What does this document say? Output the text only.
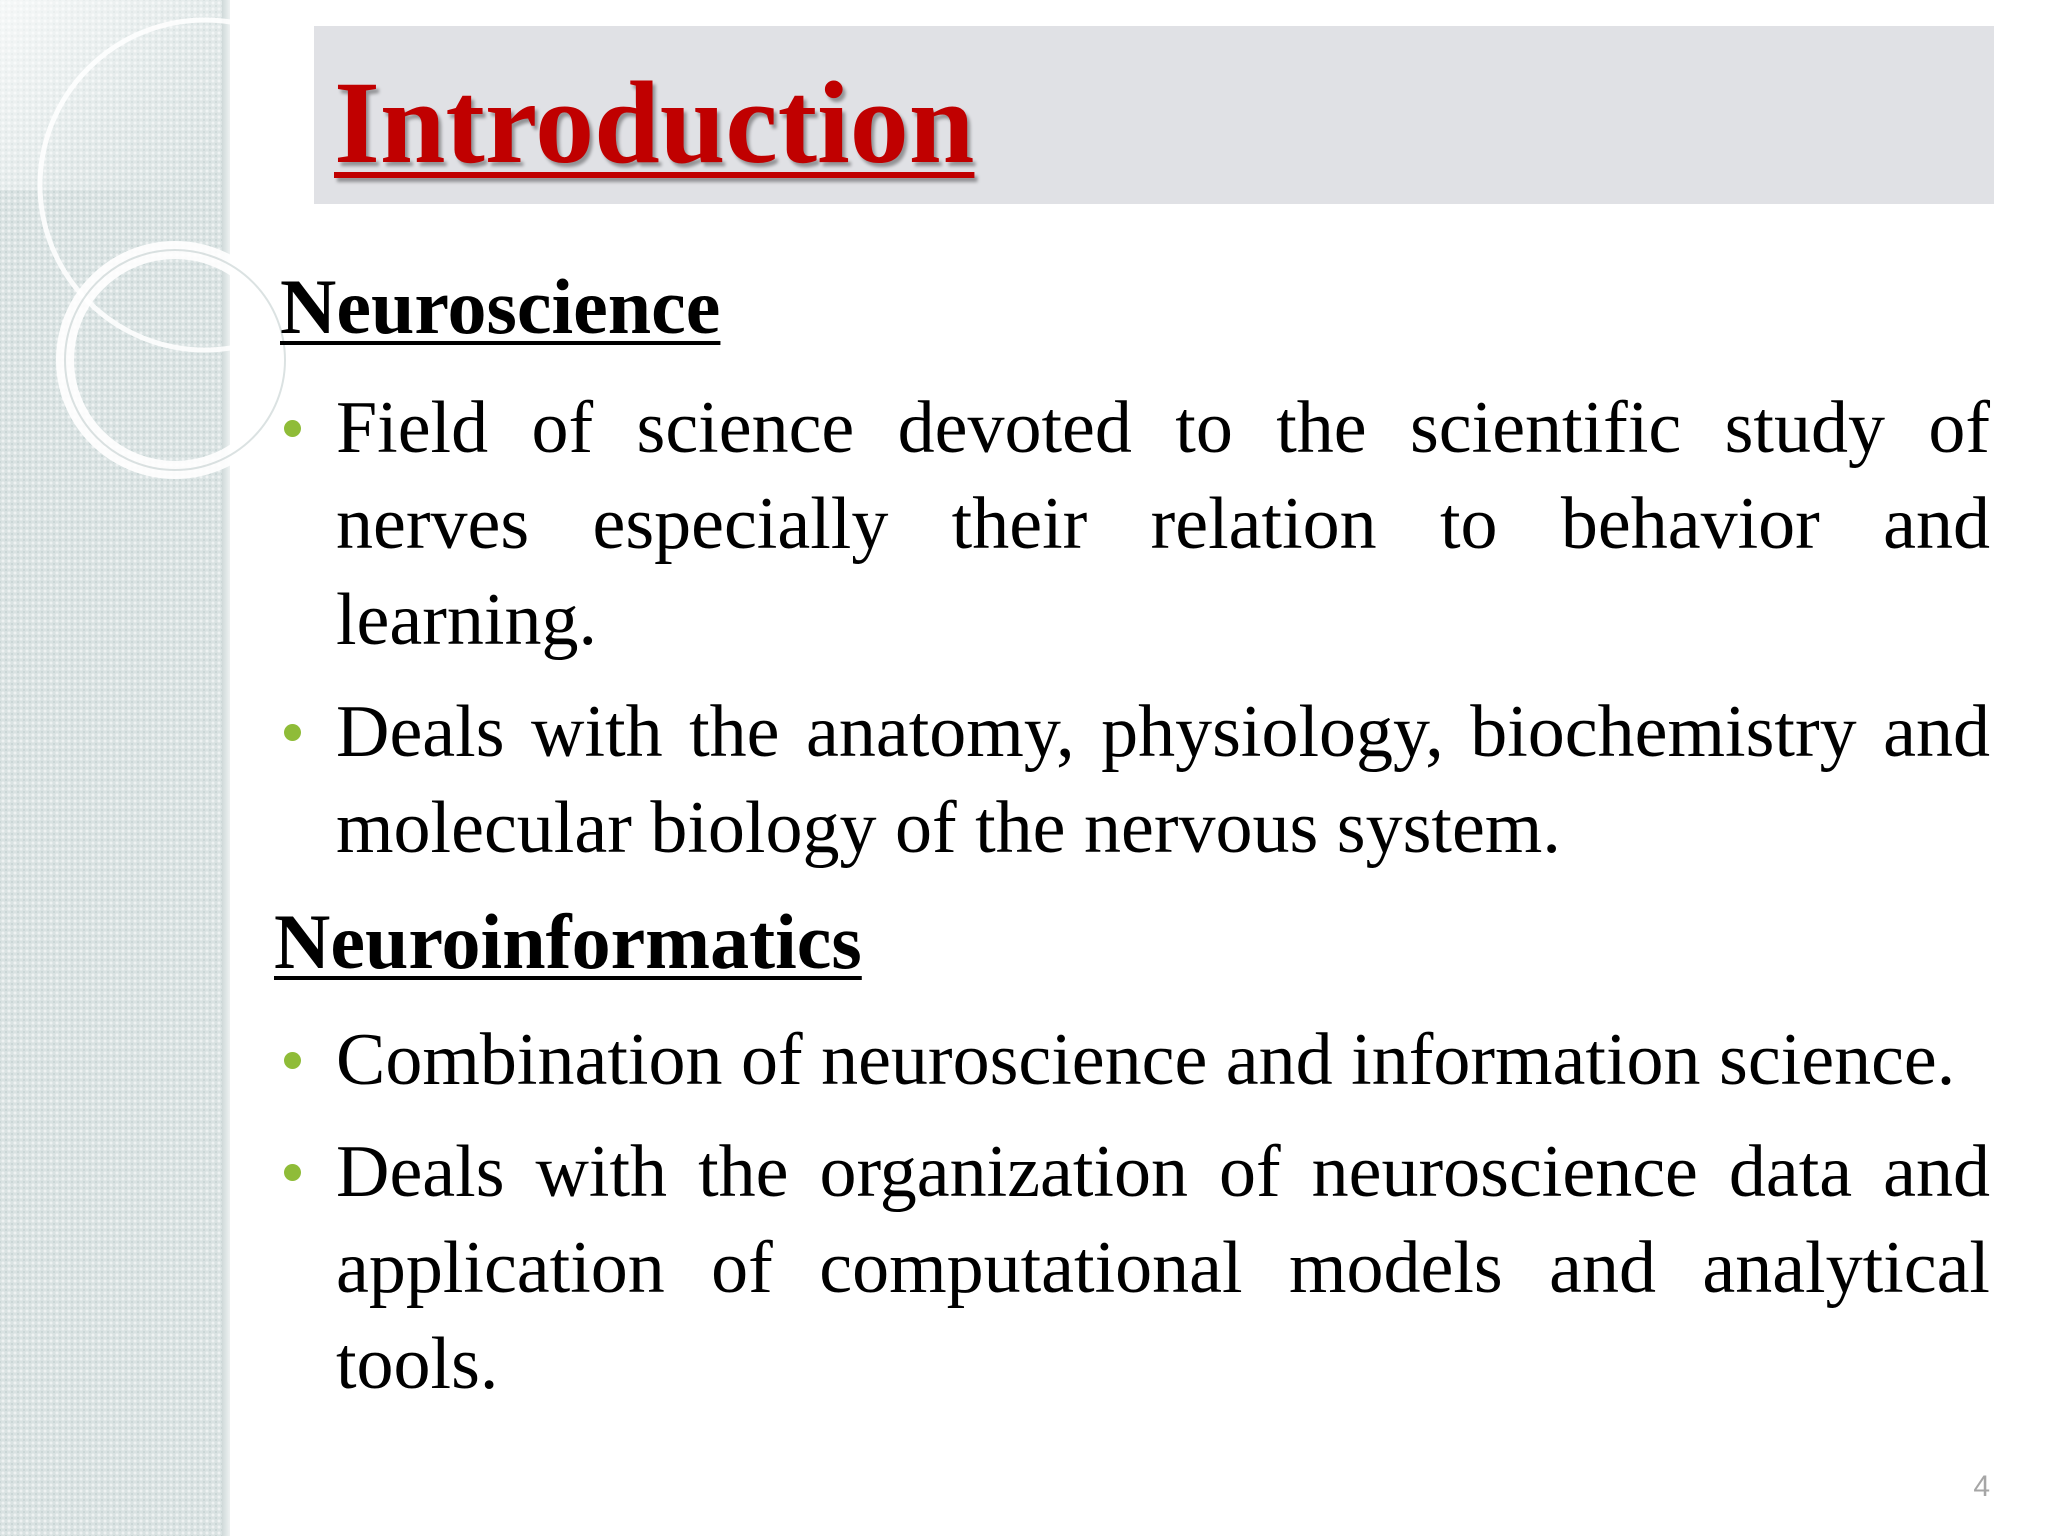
Introduction
Neuroscience
Field of science devoted to the scientific study of nerves especially their relation to behavior and learning.
Deals with the anatomy, physiology, biochemistry and molecular biology of the nervous system.
Neuroinformatics
Combination of neuroscience and information science.
Deals with the organization of neuroscience data and application of computational models and analytical tools.

4
